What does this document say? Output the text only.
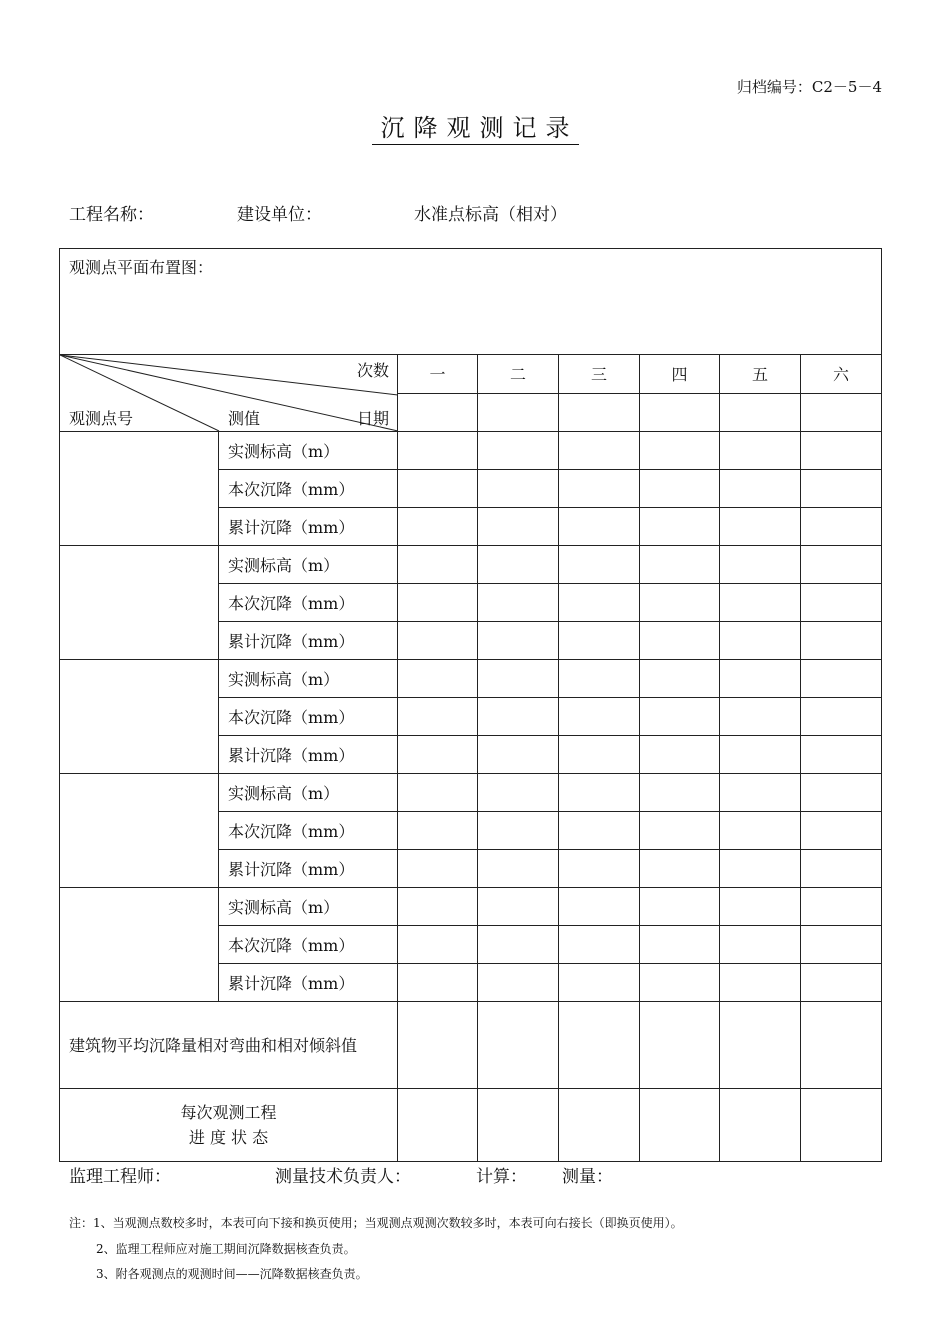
归档编号：C2－5－4
沉降观测记录
工程名称：	建设单位：	水准点标高（相对）
观测点平面布置图：							

次数
观测点号 测值 日期		一	二	三	四	五	六

	实测标高（m）						
	本次沉降（mm）						
	累计沉降（mm）						
	实测标高（m）						
	本次沉降（mm）						
	累计沉降（mm）						
	实测标高（m）						
	本次沉降（mm）						
	累计沉降（mm）						
	实测标高（m）						
	本次沉降（mm）						
	累计沉降（mm）						
	实测标高（m）						
	本次沉降（mm）						
	累计沉降（mm）						
建筑物平均沉降量相对弯曲和相对倾斜值							

每次观测工程
进 度 状 态							

监理工程师：	测量技术负责人：	计算： 测量：
注：1、当观测点数校多时，本表可向下接和换页使用；当观测点观测次数较多时，本表可向右接长（即换页使用）。
2、监理工程师应对施工期间沉降数据核查负责。
3、附各观测点的观测时间——沉降数据核查负责。
